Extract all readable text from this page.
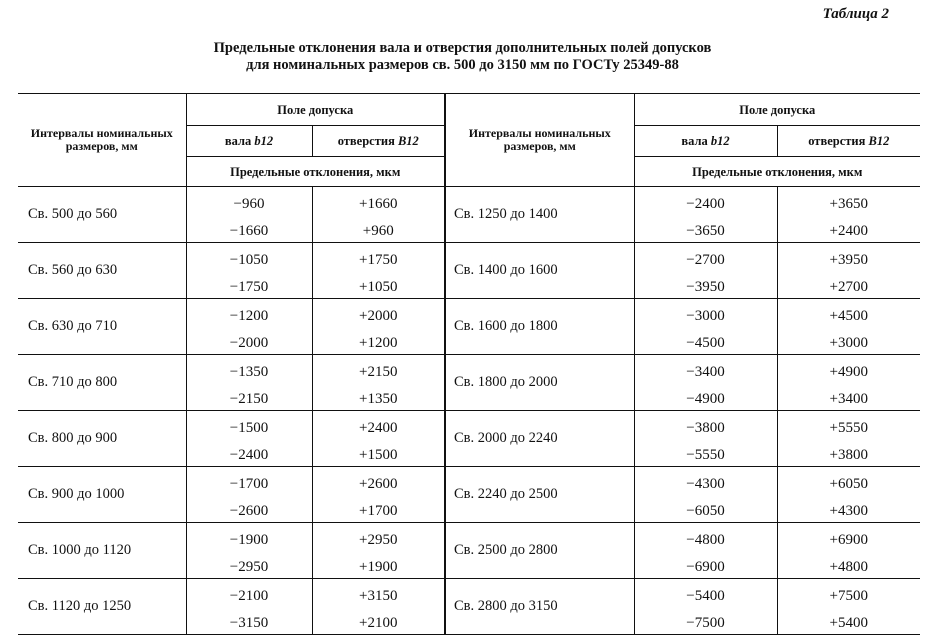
Таблица 2
Предельные отклонения вала и отверстия дополнительных полей допусков
для номинальных размеров св. 500 до 3150 мм по ГОСТу 25349-88
Интервалы номинальных размеров, мм	Поле допуска		Интервалы номинальных размеров, мм	Поле допуска	
	вала b12	отверстия B12		вала b12	отверстия B12
	Предельные отклонения, мкм			Предельные отклонения, мкм	
Св. 500 до 560	−960	+1660	Св. 1250 до 1400	−2400	+3650
	−1660	+960		−3650	+2400
Св. 560 до 630	−1050	+1750	Св. 1400 до 1600	−2700	+3950
	−1750	+1050		−3950	+2700
Св. 630 до 710	−1200	+2000	Св. 1600 до 1800	−3000	+4500
	−2000	+1200		−4500	+3000
Св. 710 до 800	−1350	+2150	Св. 1800 до 2000	−3400	+4900
	−2150	+1350		−4900	+3400
Св. 800 до 900	−1500	+2400	Св. 2000 до 2240	−3800	+5550
	−2400	+1500		−5550	+3800
Св. 900 до 1000	−1700	+2600	Св. 2240 до 2500	−4300	+6050
	−2600	+1700		−6050	+4300
Св. 1000 до 1120	−1900	+2950	Св. 2500 до 2800	−4800	+6900
	−2950	+1900		−6900	+4800
Св. 1120 до 1250	−2100	+3150	Св. 2800 до 3150	−5400	+7500
	−3150	+2100		−7500	+5400
